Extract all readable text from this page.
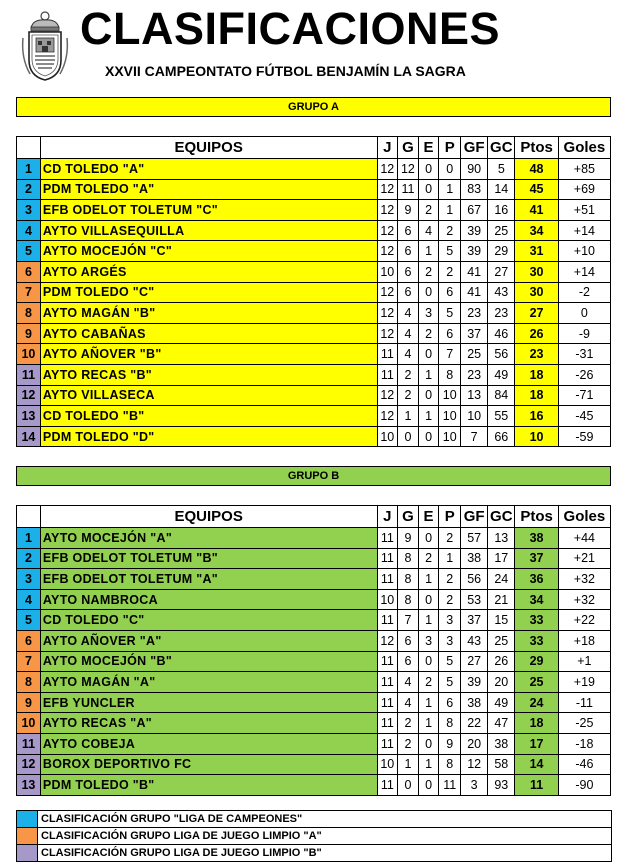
CLASIFICACIONES
XXVII CAMPEONTATO FÚTBOL BENJAMÍN LA SAGRA
GRUPO A
	EQUIPOS	J	G	E	P	GF	GC	Ptos	Goles
1	CD TOLEDO "A"	12	12	0	0	90	5	48	+85
2	PDM TOLEDO "A"	12	11	0	1	83	14	45	+69
3	EFB ODELOT TOLETUM "C"	12	9	2	1	67	16	41	+51
4	AYTO VILLASEQUILLA	12	6	4	2	39	25	34	+14
5	AYTO MOCEJÓN "C"	12	6	1	5	39	29	31	+10
6	AYTO ARGÉS	10	6	2	2	41	27	30	+14
7	PDM TOLEDO "C"	12	6	0	6	41	43	30	-2
8	AYTO MAGÁN "B"	12	4	3	5	23	23	27	0
9	AYTO CABAÑAS	12	4	2	6	37	46	26	-9
10	AYTO AÑOVER "B"	11	4	0	7	25	56	23	-31
11	AYTO RECAS "B"	11	2	1	8	23	49	18	-26
12	AYTO VILLASECA	12	2	0	10	13	84	18	-71
13	CD TOLEDO "B"	12	1	1	10	10	55	16	-45
14	PDM TOLEDO "D"	10	0	0	10	7	66	10	-59
GRUPO B
	EQUIPOS	J	G	E	P	GF	GC	Ptos	Goles
1	AYTO MOCEJÓN "A"	11	9	0	2	57	13	38	+44
2	EFB ODELOT TOLETUM "B"	11	8	2	1	38	17	37	+21
3	EFB ODELOT TOLETUM "A"	11	8	1	2	56	24	36	+32
4	AYTO NAMBROCA	10	8	0	2	53	21	34	+32
5	CD TOLEDO "C"	11	7	1	3	37	15	33	+22
6	AYTO AÑOVER "A"	12	6	3	3	43	25	33	+18
7	AYTO MOCEJÓN "B"	11	6	0	5	27	26	29	+1
8	AYTO MAGÁN "A"	11	4	2	5	39	20	25	+19
9	EFB YUNCLER	11	4	1	6	38	49	24	-11
10	AYTO RECAS "A"	11	2	1	8	22	47	18	-25
11	AYTO COBEJA	11	2	0	9	20	38	17	-18
12	BOROX DEPORTIVO FC	10	1	1	8	12	58	14	-46
13	PDM TOLEDO "B"	11	0	0	11	3	93	11	-90
	CLASIFICACIÓN GRUPO "LIGA DE CAMPEONES"
	CLASIFICACIÓN GRUPO LIGA DE JUEGO LIMPIO "A"
	CLASIFICACIÓN GRUPO LIGA DE JUEGO LIMPIO "B"
